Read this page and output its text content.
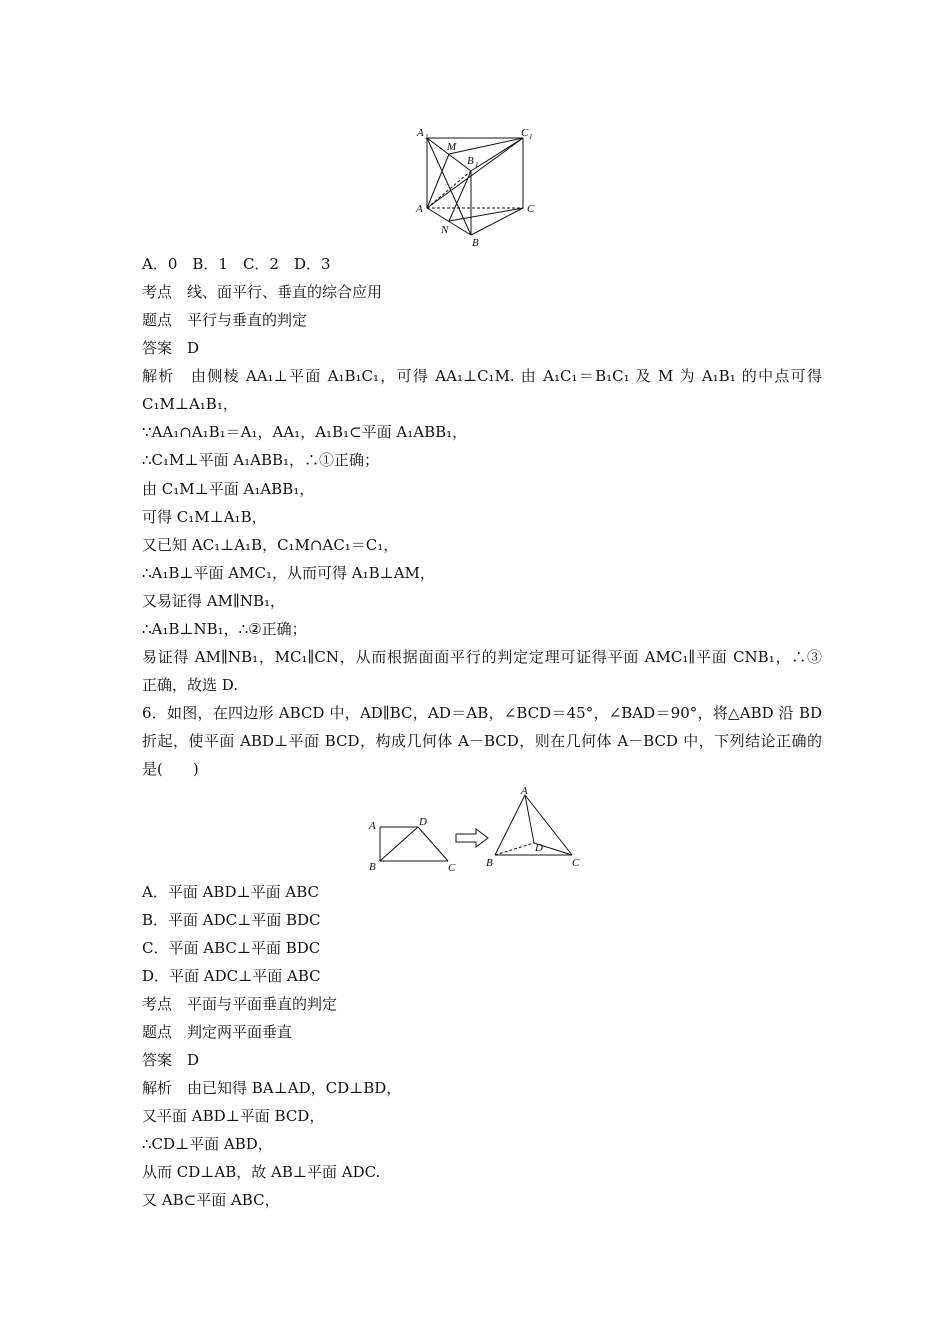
A 1	C 1
M
B 1
A	C
N
B
A．0　B．1　C．2　D．3
考点　线、面平行、垂直的综合应用
题点　平行与垂直的判定
答案　D
解析　由侧棱 AA₁⊥平面 A₁B₁C₁，可得 AA₁⊥C₁M. 由 A₁C₁＝B₁C₁ 及 M 为 A₁B₁ 的中点可得
C₁M⊥A₁B₁，
∵AA₁∩A₁B₁＝A₁，AA₁，A₁B₁⊂平面 A₁ABB₁，
∴C₁M⊥平面 A₁ABB₁，∴①正确；
由 C₁M⊥平面 A₁ABB₁，
可得 C₁M⊥A₁B，
又已知 AC₁⊥A₁B，C₁M∩AC₁＝C₁，
∴A₁B⊥平面 AMC₁，从而可得 A₁B⊥AM，
又易证得 AM∥NB₁，
∴A₁B⊥NB₁，∴②正确；
易证得 AM∥NB₁，MC₁∥CN，从而根据面面平行的判定定理可证得平面 AMC₁∥平面 CNB₁，∴③
正确，故选 D.
6．如图，在四边形 ABCD 中，AD∥BC，AD＝AB，∠BCD＝45°，∠BAD＝90°，将△ABD 沿 BD
折起，使平面 ABD⊥平面 BCD，构成几何体 A－BCD，则在几何体 A－BCD 中，下列结论正确的
是(　　)
A	D
B	C
A
D
B	C
A．平面 ABD⊥平面 ABC
B．平面 ADC⊥平面 BDC
C．平面 ABC⊥平面 BDC
D．平面 ADC⊥平面 ABC
考点　平面与平面垂直的判定
题点　判定两平面垂直
答案　D
解析　由已知得 BA⊥AD，CD⊥BD，
又平面 ABD⊥平面 BCD，
∴CD⊥平面 ABD，
从而 CD⊥AB，故 AB⊥平面 ADC.
又 AB⊂平面 ABC，
